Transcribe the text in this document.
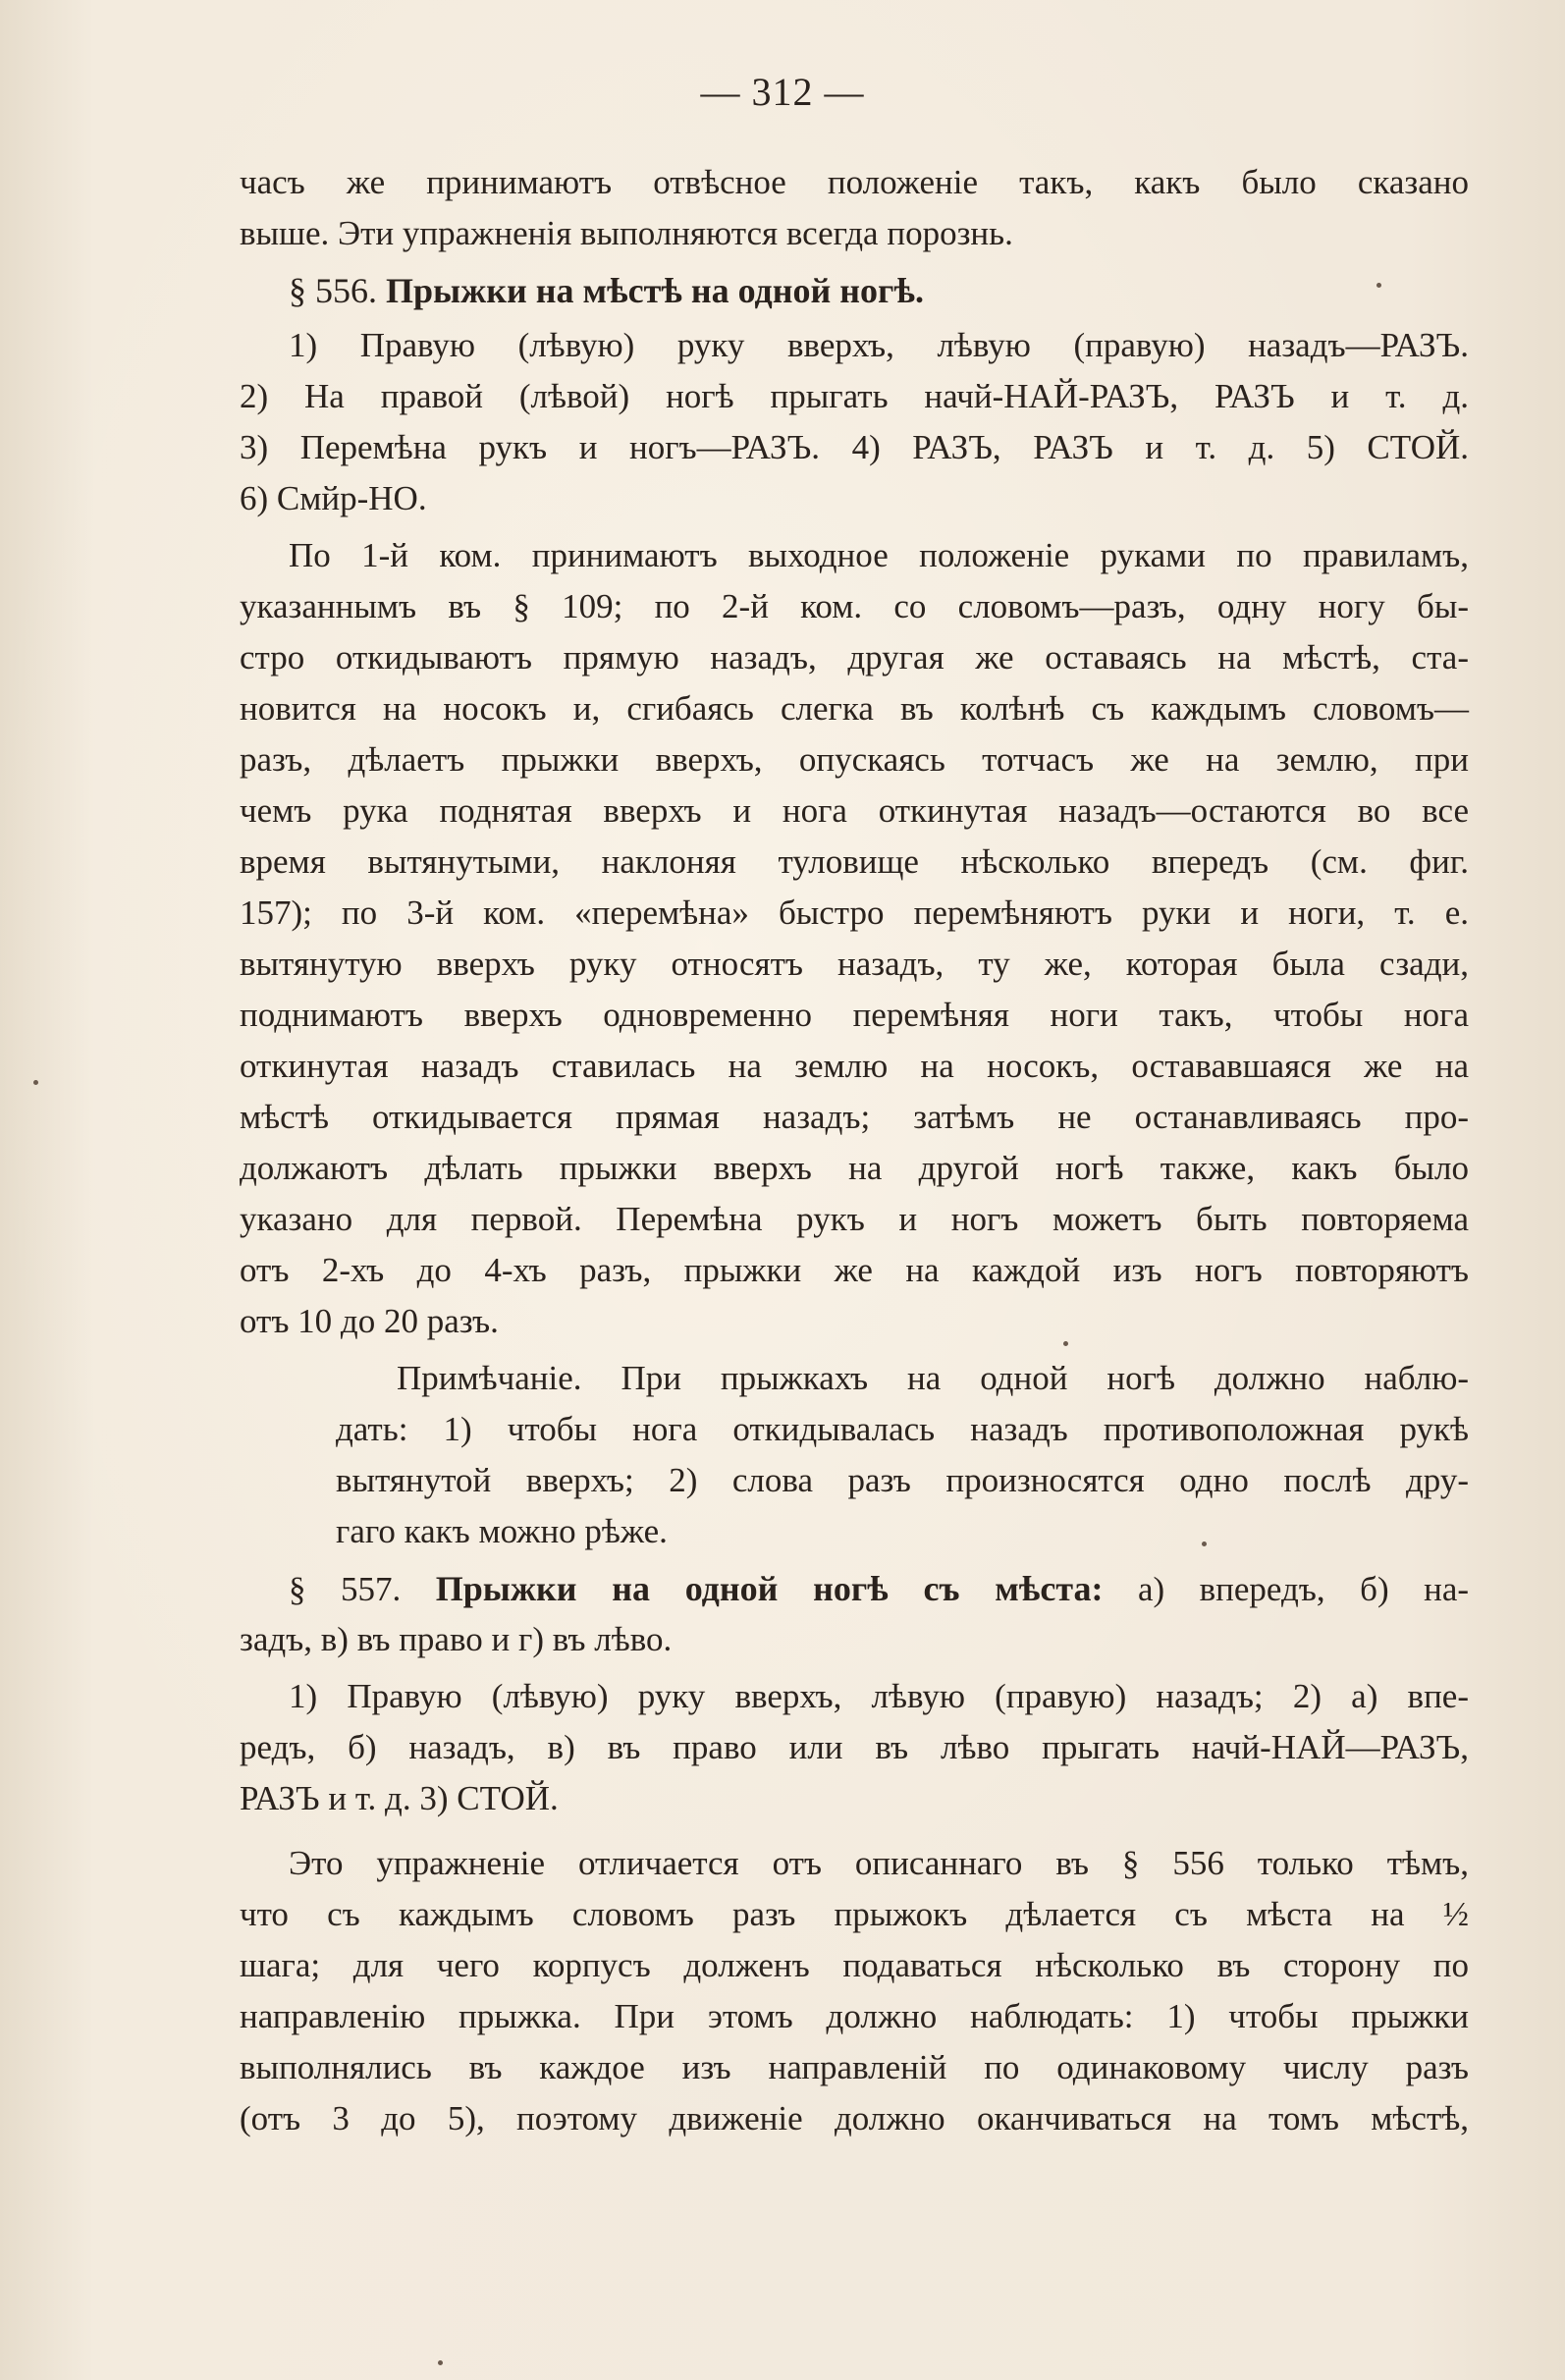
— 312 —
часъ же принимаютъ отвѣсное положеніе такъ, какъ было сказано
выше. Эти упражненія выполняются всегда порознь.
§ 556. Прыжки на мѣстѣ на одной ногѣ.
1) Правую (лѣвую) руку вверхъ, лѣвую (правую) назадъ—РАЗЪ.
2) На правой (лѣвой) ногѣ прыгать начй-НАЙ-РАЗЪ, РАЗЪ и т. д.
3) Перемѣна рукъ и ногъ—РАЗЪ. 4) РАЗЪ, РАЗЪ и т. д. 5) СТОЙ.
6) Смйр-НО.
По 1-й ком. принимаютъ выходное положеніе руками по правиламъ,
указаннымъ въ § 109; по 2-й ком. со словомъ—разъ, одну ногу бы-
стро откидываютъ прямую назадъ, другая же оставаясь на мѣстѣ, ста-
новится на носокъ и, сгибаясь слегка въ колѣнѣ съ каждымъ словомъ—
разъ, дѣлаетъ прыжки вверхъ, опускаясь тотчасъ же на землю, при
чемъ рука поднятая вверхъ и нога откинутая назадъ—остаются во все
время вытянутыми, наклоняя туловище нѣсколько впередъ (см. фиг.
157); по 3-й ком. «перемѣна» быстро перемѣняютъ руки и ноги, т. е.
вытянутую вверхъ руку относятъ назадъ, ту же, которая была сзади,
поднимаютъ вверхъ одновременно перемѣняя ноги такъ, чтобы нога
откинутая назадъ ставилась на землю на носокъ, остававшаяся же на
мѣстѣ откидывается прямая назадъ; затѣмъ не останавливаясь про-
должаютъ дѣлать прыжки вверхъ на другой ногѣ также, какъ было
указано для первой. Перемѣна рукъ и ногъ можетъ быть повторяема
отъ 2-хъ до 4-хъ разъ, прыжки же на каждой изъ ногъ повторяютъ
отъ 10 до 20 разъ.
Примѣчаніе. При прыжкахъ на одной ногѣ должно наблю-
дать: 1) чтобы нога откидывалась назадъ противоположная рукѣ
вытянутой вверхъ; 2) слова разъ произносятся одно послѣ дру-
гаго какъ можно рѣже.
§ 557. Прыжки на одной ногѣ съ мѣста: а) впередъ, б) на-
задъ, в) въ право и г) въ лѣво.
1) Правую (лѣвую) руку вверхъ, лѣвую (правую) назадъ; 2) а) впе-
редъ, б) назадъ, в) въ право или въ лѣво прыгать начй-НАЙ—РАЗЪ,
РАЗЪ и т. д. 3) СТОЙ.
Это упражненіе отличается отъ описаннаго въ § 556 только тѣмъ,
что съ каждымъ словомъ разъ прыжокъ дѣлается съ мѣста на ½
шага; для чего корпусъ долженъ подаваться нѣсколько въ сторону по
направленію прыжка. При этомъ должно наблюдать: 1) чтобы прыжки
выполнялись въ каждое изъ направленій по одинаковому числу разъ
(отъ 3 до 5), поэтому движеніе должно оканчиваться на томъ мѣстѣ,
